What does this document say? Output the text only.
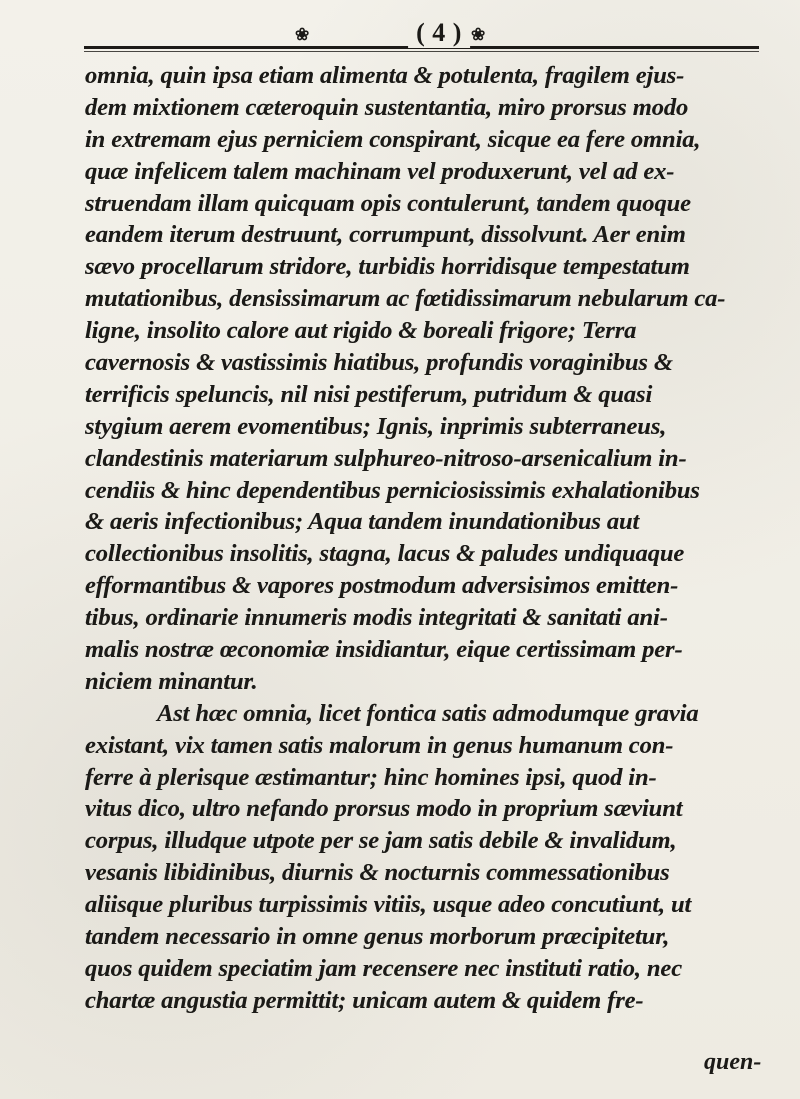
❀	( 4 ) ❀
omnia, quin ipsa etiam alimenta & potulenta, fragilem ejus-
dem mixtionem cæteroquin sustentantia, miro prorsus modo
in extremam ejus perniciem conspirant, sicque ea fere omnia,
quæ infelicem talem machinam vel produxerunt, vel ad ex-
struendam illam quicquam opis contulerunt, tandem quoque
eandem iterum destruunt, corrumpunt, dissolvunt. Aer enim
sævo procellarum stridore, turbidis horridisque tempestatum
mutationibus, densissimarum ac fœtidissimarum nebularum ca-
ligne, insolito calore aut rigido & boreali frigore; Terra
cavernosis & vastissimis hiatibus, profundis voraginibus &
terrificis speluncis, nil nisi pestiferum, putridum & quasi
stygium aerem evomentibus; Ignis, inprimis subterraneus,
clandestinis materiarum sulphureo-nitroso-arsenicalium in-
cendiis & hinc dependentibus perniciosissimis exhalationibus
& aeris infectionibus; Aqua tandem inundationibus aut
collectionibus insolitis, stagna, lacus & paludes undiquaque
efformantibus & vapores postmodum adversisimos emitten-
tibus, ordinarie innumeris modis integritati & sanitati ani-
malis nostræ œconomiæ insidiantur, eique certissimam per-
niciem minantur.
Ast hæc omnia, licet fontica satis admodumque gravia
existant, vix tamen satis malorum in genus humanum con-
ferre à plerisque æstimantur; hinc homines ipsi, quod in-
vitus dico, ultro nefando prorsus modo in proprium sæviunt
corpus, illudque utpote per se jam satis debile & invalidum,
vesanis libidinibus, diurnis & nocturnis commessationibus
aliisque pluribus turpissimis vitiis, usque adeo concutiunt, ut
tandem necessario in omne genus morborum præcipitetur,
quos quidem speciatim jam recensere nec instituti ratio, nec
chartæ angustia permittit; unicam autem & quidem fre-
quen-
